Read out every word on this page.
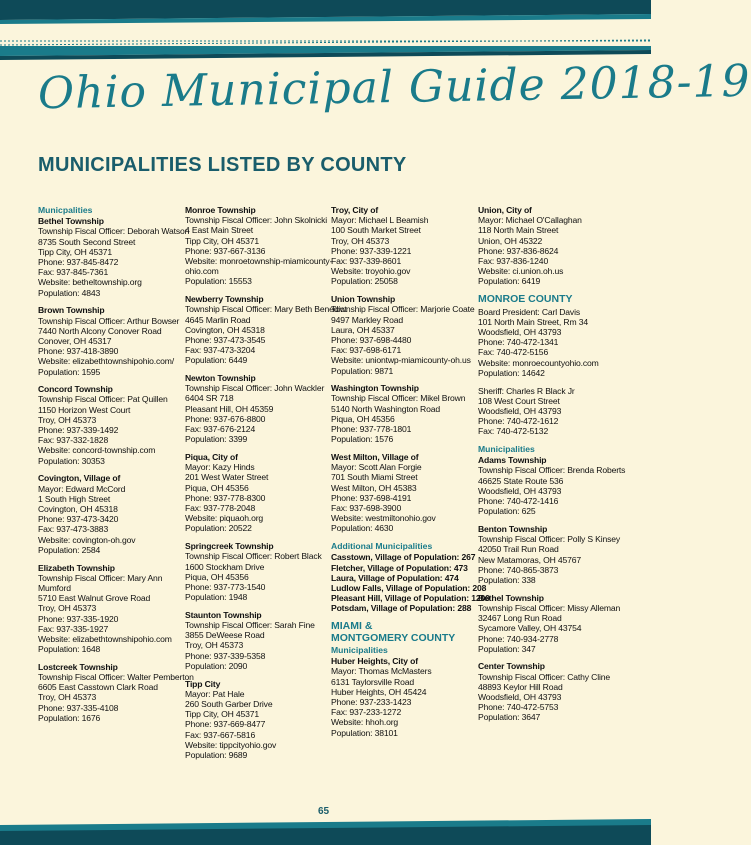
Ohio Municipal Guide 2018-19
MUNICIPALITIES LISTED BY COUNTY
Municpalities
Bethel Township
Township Fiscal Officer: Deborah Watson
8735 South Second Street
Tipp City, OH 45371
Phone: 937-845-8472
Fax: 937-845-7361
Website: betheltownship.org
Population: 4843
Brown Township
Township Fiscal Officer: Arthur Bowser
7440 North Alcony Conover Road
Conover, OH 45317
Phone: 937-418-3890
Website: elizabethtownshipohio.com/
Population: 1595
Concord Township
Township Fiscal Officer: Pat Quillen
1150 Horizon West Court
Troy, OH 45373
Phone: 937-339-1492
Fax: 937-332-1828
Website: concord-township.com
Population: 30353
Covington, Village of
Mayor: Edward McCord
1 South High Street
Covington, OH 45318
Phone: 937-473-3420
Fax: 937-473-3883
Website: covington-oh.gov
Population: 2584
Elizabeth Township
Township Fiscal Officer: Mary Ann
Mumford
5710 East Walnut Grove Road
Troy, OH 45373
Phone: 937-335-1920
Fax: 937-335-1927
Website: elizabethtownshipohio.com
Population: 1648
Lostcreek Township
Township Fiscal Officer: Walter Pemberton
6605 East Casstown Clark Road
Troy, OH 45373
Phone: 937-335-4108
Population: 1676
Monroe Township
Township Fiscal Officer: John Skolnicki
4 East Main Street
Tipp City, OH 45371
Phone: 937-667-3136
Website: monroetownship-miamicounty-
ohio.com
Population: 15553
Newberry Township
Township Fiscal Officer: Mary Beth Benedict
4645 Marlin Road
Covington, OH 45318
Phone: 937-473-3545
Fax: 937-473-3204
Population: 6449
Newton Township
Township Fiscal Officer: John Wackler
6404 SR 718
Pleasant Hill, OH 45359
Phone: 937-676-8800
Fax: 937-676-2124
Population: 3399
Piqua, City of
Mayor: Kazy Hinds
201 West Water Street
Piqua, OH 45356
Phone: 937-778-8300
Fax: 937-778-2048
Website: piquaoh.org
Population: 20522
Springcreek Township
Township Fiscal Officer: Robert Black
1600 Stockham Drive
Piqua, OH 45356
Phone: 937-773-1540
Population: 1948
Staunton Township
Township Fiscal Officer: Sarah Fine
3855 DeWeese Road
Troy, OH 45373
Phone: 937-339-5358
Population: 2090
Tipp City
Mayor: Pat Hale
260 South Garber Drive
Tipp City, OH 45371
Phone: 937-669-8477
Fax: 937-667-5816
Website: tippcityohio.gov
Population: 9689
Troy, City of
Mayor: Michael L Beamish
100 South Market Street
Troy, OH 45373
Phone: 937-339-1221
Fax: 937-339-8601
Website: troyohio.gov
Population: 25058
Union Township
Township Fiscal Officer: Marjorie Coate
9497 Markley Road
Laura, OH 45337
Phone: 937-698-4480
Fax: 937-698-6171
Website: uniontwp-miamicounty-oh.us
Population: 9871
Washington Township
Township Fiscal Officer: Mikel Brown
5140 North Washington Road
Piqua, OH 45356
Phone: 937-778-1801
Population: 1576
West Milton, Village of
Mayor: Scott Alan Forgie
701 South Miami Street
West Milton, OH 45383
Phone: 937-698-4191
Fax: 937-698-3900
Website: westmiltonohio.gov
Population: 4630
Additional Municipalities
Casstown, Village of Population: 267
Fletcher, Village of Population: 473
Laura, Village of Population: 474
Ludlow Falls, Village of Population: 208
Pleasant Hill, Village of Population: 1200
Potsdam, Village of Population: 288
MIAMI &
MONTGOMERY COUNTY
Municipalities
Huber Heights, City of
Mayor: Thomas McMasters
6131 Taylorsville Road
Huber Heights, OH 45424
Phone: 937-233-1423
Fax: 937-233-1272
Website: hhoh.org
Population: 38101
Union, City of
Mayor: Michael O'Callaghan
118 North Main Street
Union, OH 45322
Phone: 937-836-8624
Fax: 937-836-1240
Website: ci.union.oh.us
Population: 6419
MONROE COUNTY
Board President: Carl Davis
101 North Main Street, Rm 34
Woodsfield, OH 43793
Phone: 740-472-1341
Fax: 740-472-5156
Website: monroecountyohio.com
Population: 14642
Sheriff: Charles R Black Jr
108 West Court Street
Woodsfield, OH 43793
Phone: 740-472-1612
Fax: 740-472-5132
Municipalities
Adams Township
Township Fiscal Officer: Brenda Roberts
46625 State Route 536
Woodsfield, OH 43793
Phone: 740-472-1416
Population: 625
Benton Township
Township Fiscal Officer: Polly S Kinsey
42050 Trail Run Road
New Matamoras, OH 45767
Phone: 740-865-3873
Population: 338
Bethel Township
Township Fiscal Officer: Missy Alleman
32467 Long Run Road
Sycamore Valley, OH 43754
Phone: 740-934-2778
Population: 347
Center Township
Township Fiscal Officer: Cathy Cline
48893 Keylor Hill Road
Woodsfield, OH 43793
Phone: 740-472-5753
Population: 3647
65
